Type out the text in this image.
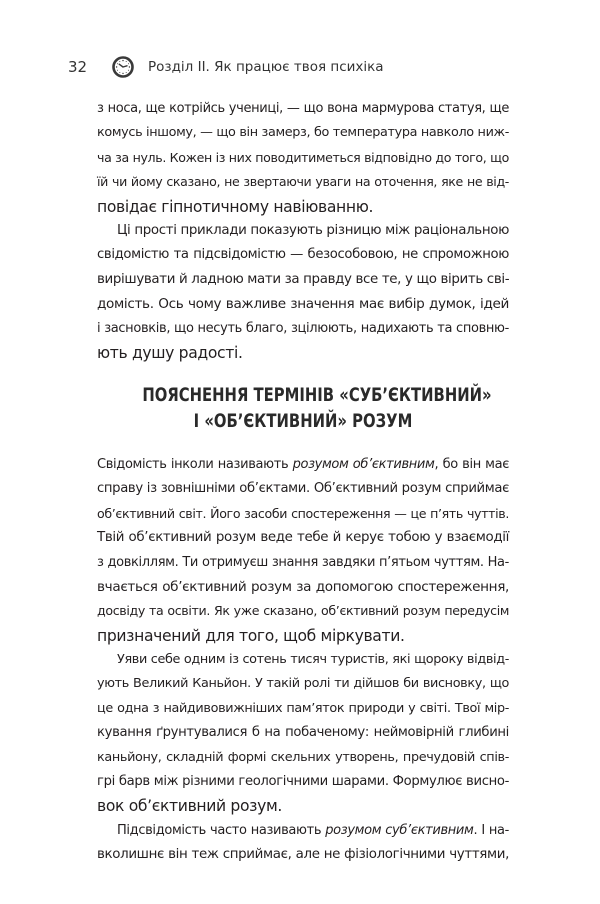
32	Розділ II. Як працює твоя психіка
з носа, ще котрійсь учениці, — що вона мармурова статуя, ще
комусь іншому, — що він замерз, бо температура навколо ниж-
ча за нуль. Кожен із них поводитиметься відповідно до того, що
їй чи йому сказано, не звертаючи уваги на оточення, яке не від-
повідає гіпнотичному навіюванню.
Ці прості приклади показують різницю між раціональною
свідомістю та підсвідомістю — безособовою, не спроможною
вирішувати й ладною мати за правду все те, у що вірить сві-
домість. Ось чому важливе значення має вибір думок, ідей
і засновків, що несуть благо, зцілюють, надихають та сповню-
ють душу радості.
ПОЯСНЕННЯ ТЕРМІНІВ «СУБ’ЄКТИВНИЙ»
І «ОБ’ЄКТИВНИЙ» РОЗУМ
Свідомість інколи називають розумом об’єктивним, бо він має
справу із зовнішніми об’єктами. Об’єктивний розум сприймає
об’єктивний світ. Його засоби спостереження — це п’ять чуттів.
Твій об’єктивний розум веде тебе й керує тобою у взаємодії
з довкіллям. Ти отримуєш знання завдяки п’ятьом чуттям. На-
вчається об’єктивний розум за допомогою спостереження,
досвіду та освіти. Як уже сказано, об’єктивний розум передусім
призначений для того, щоб міркувати.
Уяви себе одним із сотень тисяч туристів, які щороку відвід-
ують Великий Каньйон. У такій ролі ти дійшов би висновку, що
це одна з найдивовижніших пам’яток природи у світі. Твої мір-
кування ґрунтувалися б на побаченому: неймовірній глибині
каньйону, складній формі скельних утворень, пречудовій спів-
грі барв між різними геологічними шарами. Формулює висно-
вок об’єктивний розум.
Підсвідомість часто називають розумом суб’єктивним. І на-
вколишнє він теж сприймає, але не фізіологічними чуттями,
